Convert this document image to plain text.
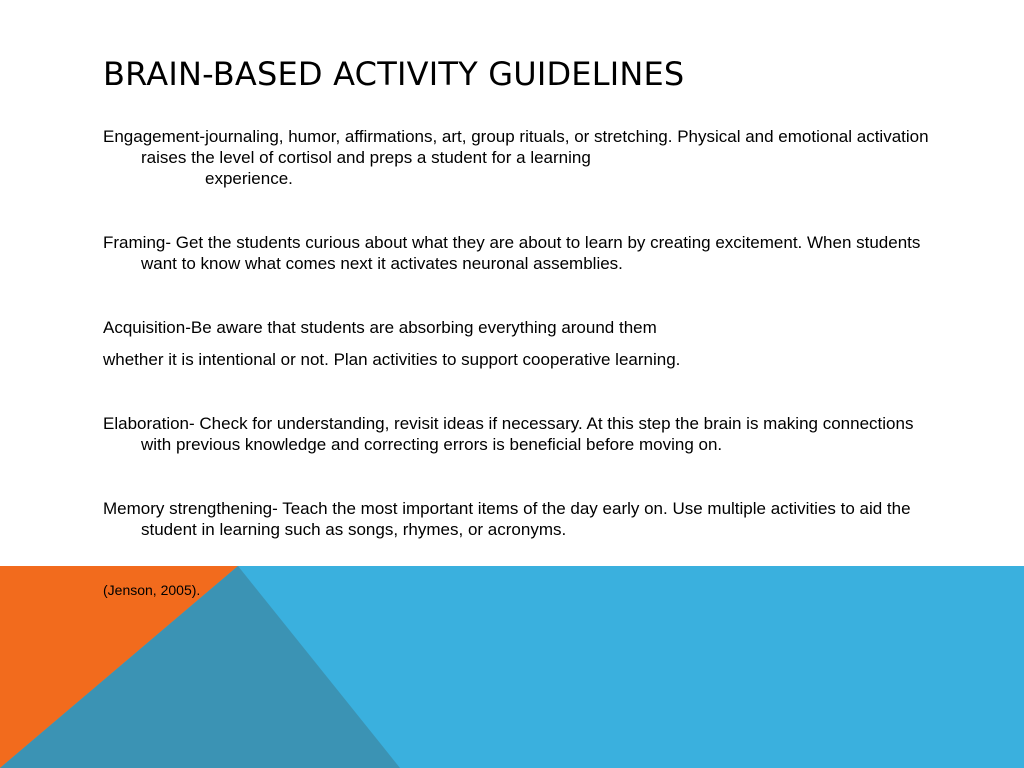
BRAIN-BASED ACTIVITY GUIDELINES

Engagement-journaling, humor, affirmations, art, group rituals, or stretching. Physical and emotional activation raises the level of cortisol and preps a student for a learning
experience.

Framing- Get the students curious about what they are about to learn by creating excitement. When students want to know what comes next it activates neuronal assemblies.

Acquisition-Be aware that students are absorbing everything around them

whether it is intentional or not. Plan activities to support cooperative learning.

Elaboration- Check for understanding, revisit ideas if necessary. At this step the brain is making connections with previous knowledge and correcting errors is beneficial before moving on.

Memory strengthening- Teach the most important items of the day early on. Use multiple activities to aid the student in learning such as songs, rhymes, or acronyms.

(Jenson, 2005).
